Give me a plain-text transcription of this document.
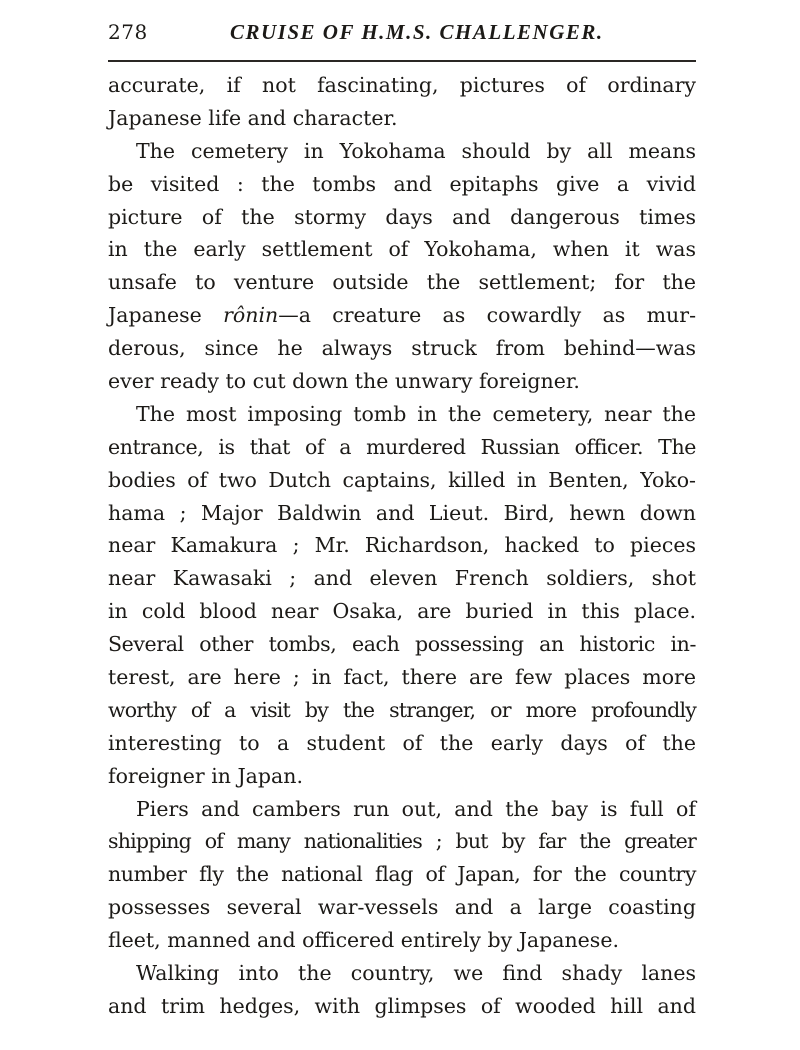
278	CRUISE OF H.M.S. CHALLENGER.
accurate, if not fascinating, pictures of ordinary
Japanese life and character.
The cemetery in Yokohama should by all means
be visited : the tombs and epitaphs give a vivid
picture of the stormy days and dangerous times
in the early settlement of Yokohama, when it was
unsafe to venture outside the settlement; for the
Japanese rônin—a creature as cowardly as mur-
derous, since he always struck from behind—was
ever ready to cut down the unwary foreigner.
The most imposing tomb in the cemetery, near the
entrance, is that of a murdered Russian officer. The
bodies of two Dutch captains, killed in Benten, Yoko-
hama ; Major Baldwin and Lieut. Bird, hewn down
near Kamakura ; Mr. Richardson, hacked to pieces
near Kawasaki ; and eleven French soldiers, shot
in cold blood near Osaka, are buried in this place.
Several other tombs, each possessing an historic in-
terest, are here ; in fact, there are few places more
worthy of a visit by the stranger, or more profoundly
interesting to a student of the early days of the
foreigner in Japan.
Piers and cambers run out, and the bay is full of
shipping of many nationalities ; but by far the greater
number fly the national flag of Japan, for the country
possesses several war-vessels and a large coasting
fleet, manned and officered entirely by Japanese.
Walking into the country, we find shady lanes
and trim hedges, with glimpses of wooded hill and
